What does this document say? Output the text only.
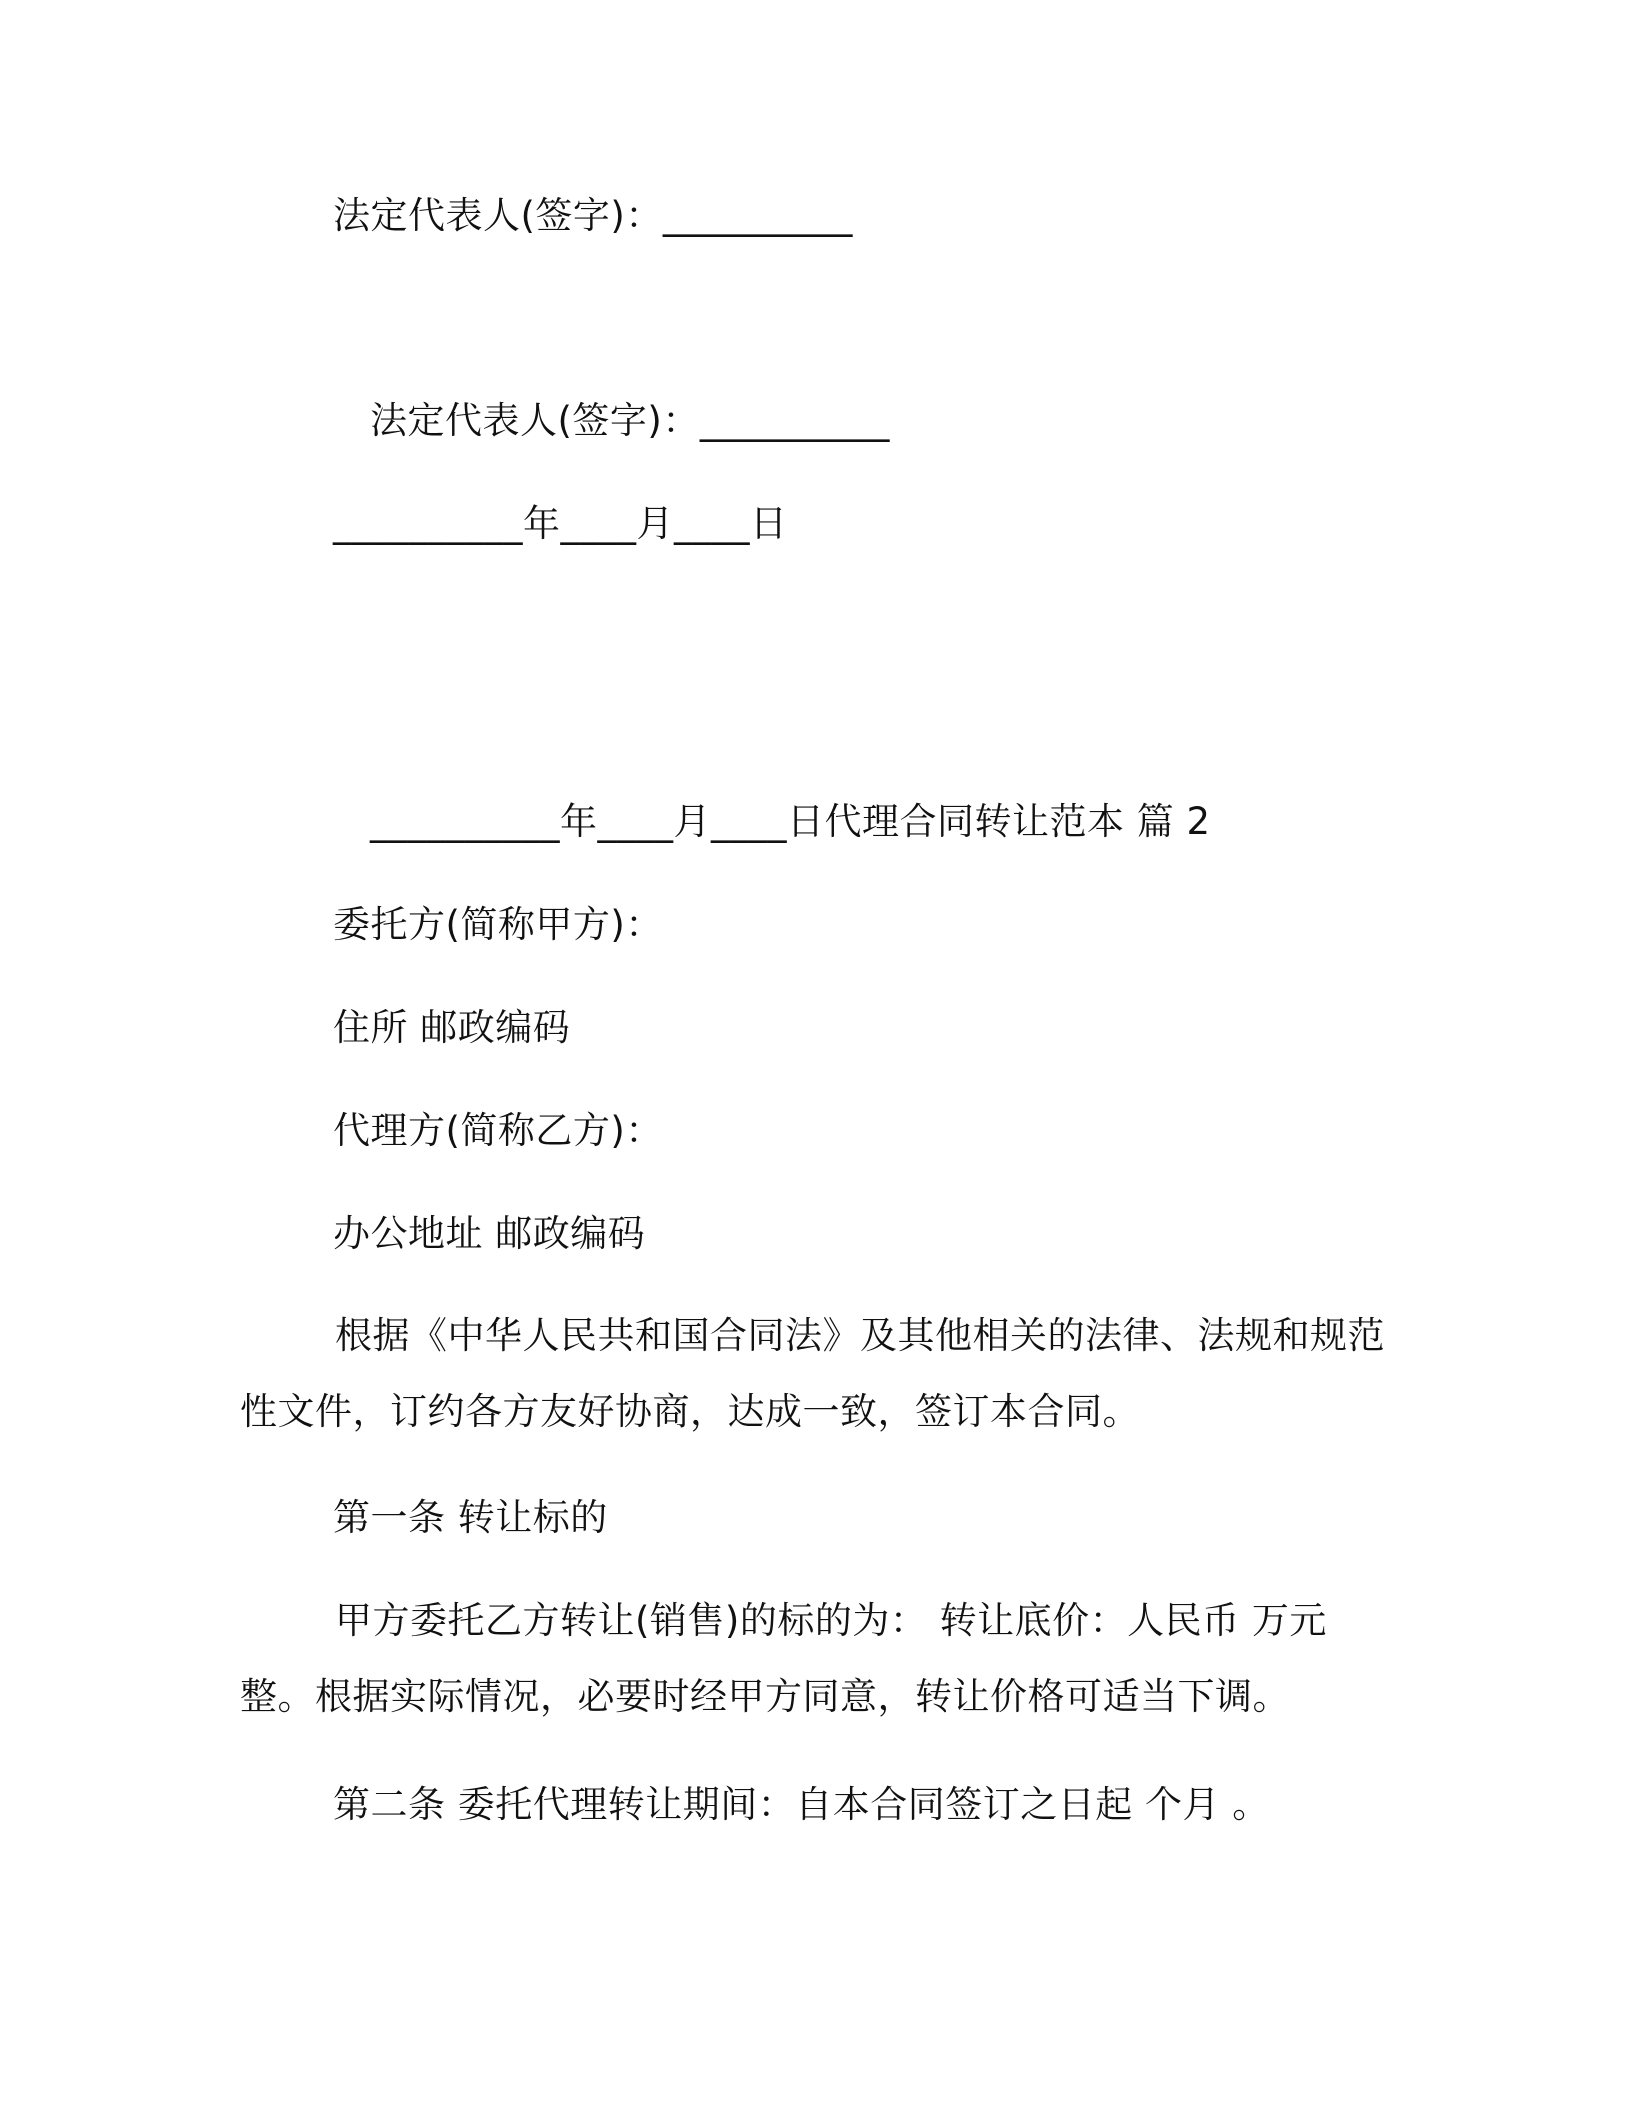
法定代表人(签字)：__________
法定代表人(签字)：__________
__________年____月____日
__________年____月____日代理合同转让范本 篇 2
委托方(简称甲方)：
住所 邮政编码
代理方(简称乙方)：
办公地址 邮政编码
根据《中华人民共和国合同法》及其他相关的法律、法规和规范性文件，订约各方友好协商，达成一致，签订本合同。
第一条 转让标的
甲方委托乙方转让(销售)的标的为： 转让底价：人民币 万元整。根据实际情况，必要时经甲方同意，转让价格可适当下调。
第二条 委托代理转让期间：自本合同签订之日起 个月 。
